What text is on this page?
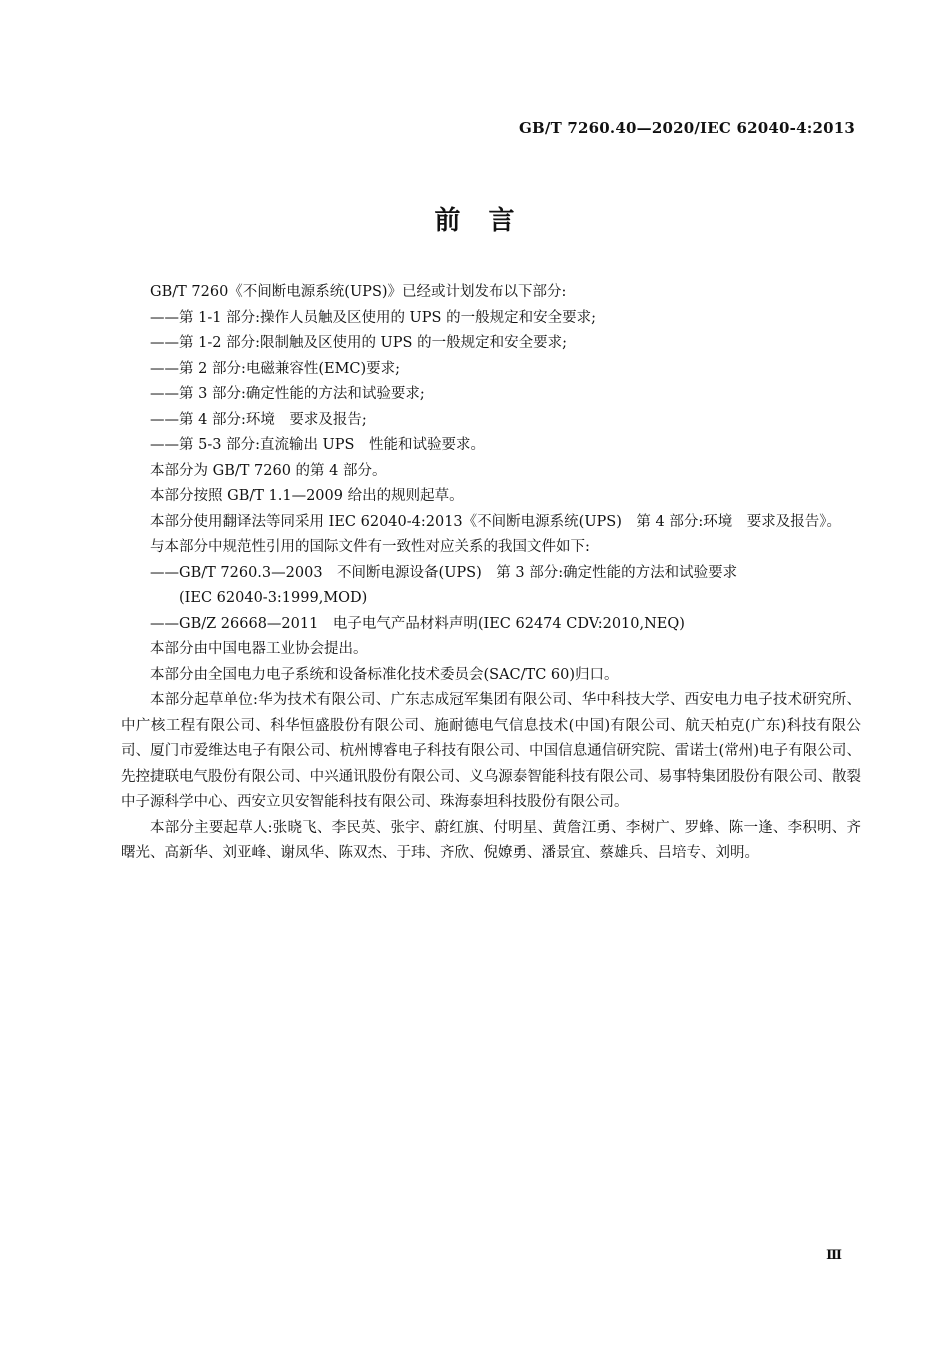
GB/T 7260.40—2020/IEC 62040-4:2013
前　言

GB/T 7260《不间断电源系统(UPS)》已经或计划发布以下部分:

——第 1-1 部分:操作人员触及区使用的 UPS 的一般规定和安全要求;

——第 1-2 部分:限制触及区使用的 UPS 的一般规定和安全要求;

——第 2 部分:电磁兼容性(EMC)要求;

——第 3 部分:确定性能的方法和试验要求;

——第 4 部分:环境　要求及报告;

——第 5-3 部分:直流输出 UPS　性能和试验要求。

本部分为 GB/T 7260 的第 4 部分。

本部分按照 GB/T 1.1—2009 给出的规则起草。

本部分使用翻译法等同采用 IEC 62040-4:2013《不间断电源系统(UPS)　第 4 部分:环境　要求及报告》。

与本部分中规范性引用的国际文件有一致性对应关系的我国文件如下:

——GB/T 7260.3—2003　不间断电源设备(UPS)　第 3 部分:确定性能的方法和试验要求

(IEC 62040-3:1999,MOD)

——GB/Z 26668—2011　电子电气产品材料声明(IEC 62474 CDV:2010,NEQ)

本部分由中国电器工业协会提出。

本部分由全国电力电子系统和设备标准化技术委员会(SAC/TC 60)归口。

本部分起草单位:华为技术有限公司、广东志成冠军集团有限公司、华中科技大学、西安电力电子技术研究所、中广核工程有限公司、科华恒盛股份有限公司、施耐德电气信息技术(中国)有限公司、航天柏克(广东)科技有限公司、厦门市爱维达电子有限公司、杭州博睿电子科技有限公司、中国信息通信研究院、雷诺士(常州)电子有限公司、先控捷联电气股份有限公司、中兴通讯股份有限公司、义乌源泰智能科技有限公司、易事特集团股份有限公司、散裂中子源科学中心、西安立贝安智能科技有限公司、珠海泰坦科技股份有限公司。

本部分主要起草人:张晓飞、李民英、张宇、蔚红旗、付明星、黄詹江勇、李树广、罗蜂、陈一逢、李积明、齐曙光、高新华、刘亚峰、谢凤华、陈双杰、于玮、齐欣、倪嫽勇、潘景宜、蔡雄兵、吕培专、刘明。

Ⅲ
